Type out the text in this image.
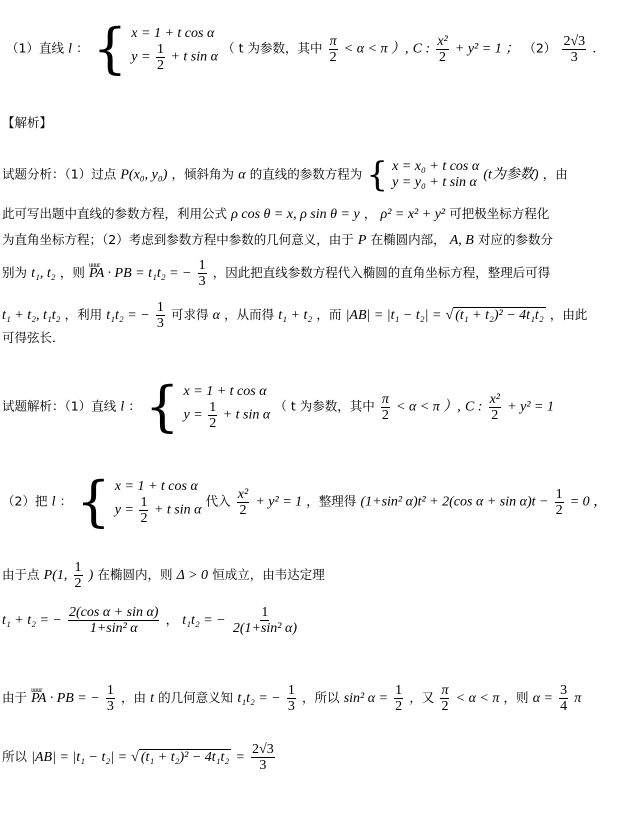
（1）直线 l ： { x = 1 + t cos α
$y = \frac{1}{2} + t$ sin α
（ t 为参数，其中 $\frac{\pi}{2} < \alpha < \pi$ ）, C : $\frac{\text{x²}}{2} + y^2 = 1$ ； $(2) \frac{2√3}{3}$ .
【解析】
试题分析：（1）过点 P(x₀, y₀) ，倾斜角为 α 的直线的参数方程为 { x = x₀ + t cos α
y = y₀ + t sin α (t为参数) ，由
此可写出题中直线的参数方程，利用公式 ρ cos θ = x, ρ sin θ = y ， ρ² = x² + y² 可把极坐标方程化
为直角坐标方程；（2）考虑到参数方程中参数的几何意义，由于 P 在椭圆内部， A, B 对应的参数分
别为 t₁, t₂ ，则 uuur PA · PB = t₁t₂ = − $\frac{1}{3}$ ，因此把直线参数方程代入椭圆的直角坐标方程，整理后可得
t₁ + t₂, t₁t₂ ，利用 t₁t₂ = − $\frac{1}{3}$ 可求得 α ，从而得 t₁ + t₂ ，而 |AB| = |t₁ − t₂| = √ (t₁ + t₂)² − 4t₁t₂ ，由此
可得弦长．
试题解析：（1）直线 l ： { x = 1 + t cos α
$y = \frac{1}{2} + t$ sin α
（ t 为参数，其中 $\frac{\pi}{2} < \alpha < \pi$ ）, C : $\frac{\text{x²}}{2} + y^2 = 1$
（2）把 l ： { x = 1 + t cos α
$y = \frac{1}{2} + t$ sin α
代入 $\frac{\text{x²}}{2} + y^2 = 1$ ，整理得 (1+sin² α)t² + 2(cos $\alpha + \sin \alpha)t - \frac{1}{2} = 0$ ，
由于点 P(1, $\frac{1}{2}$ ) 在椭圆内，则 Δ > 0 恒成立，由韦达定理
t₁ + t₂ = − $\frac{\text{2(cos α + sin α)}}{\text{1+sin² α}}$ ， t₁t₂ = − $\frac{1}{\text{2(1+sin² α)}}$
由于 uuur PA · PB = − $\frac{1}{3}$ ，由 t 的几何意义知 t₁t₂ = − $\frac{1}{3}$ ，所以 sin² $\alpha = \frac{1}{2}$ ，又 $\frac{\pi}{2} < \alpha < \pi$ ，则 $\alpha = \frac{3}{4}$ π
所以 |AB| = |t₁ − t₂| = √ $(t_1 + t_2)^2 - 4t_1t_2 = \frac{2√3}{3}$
